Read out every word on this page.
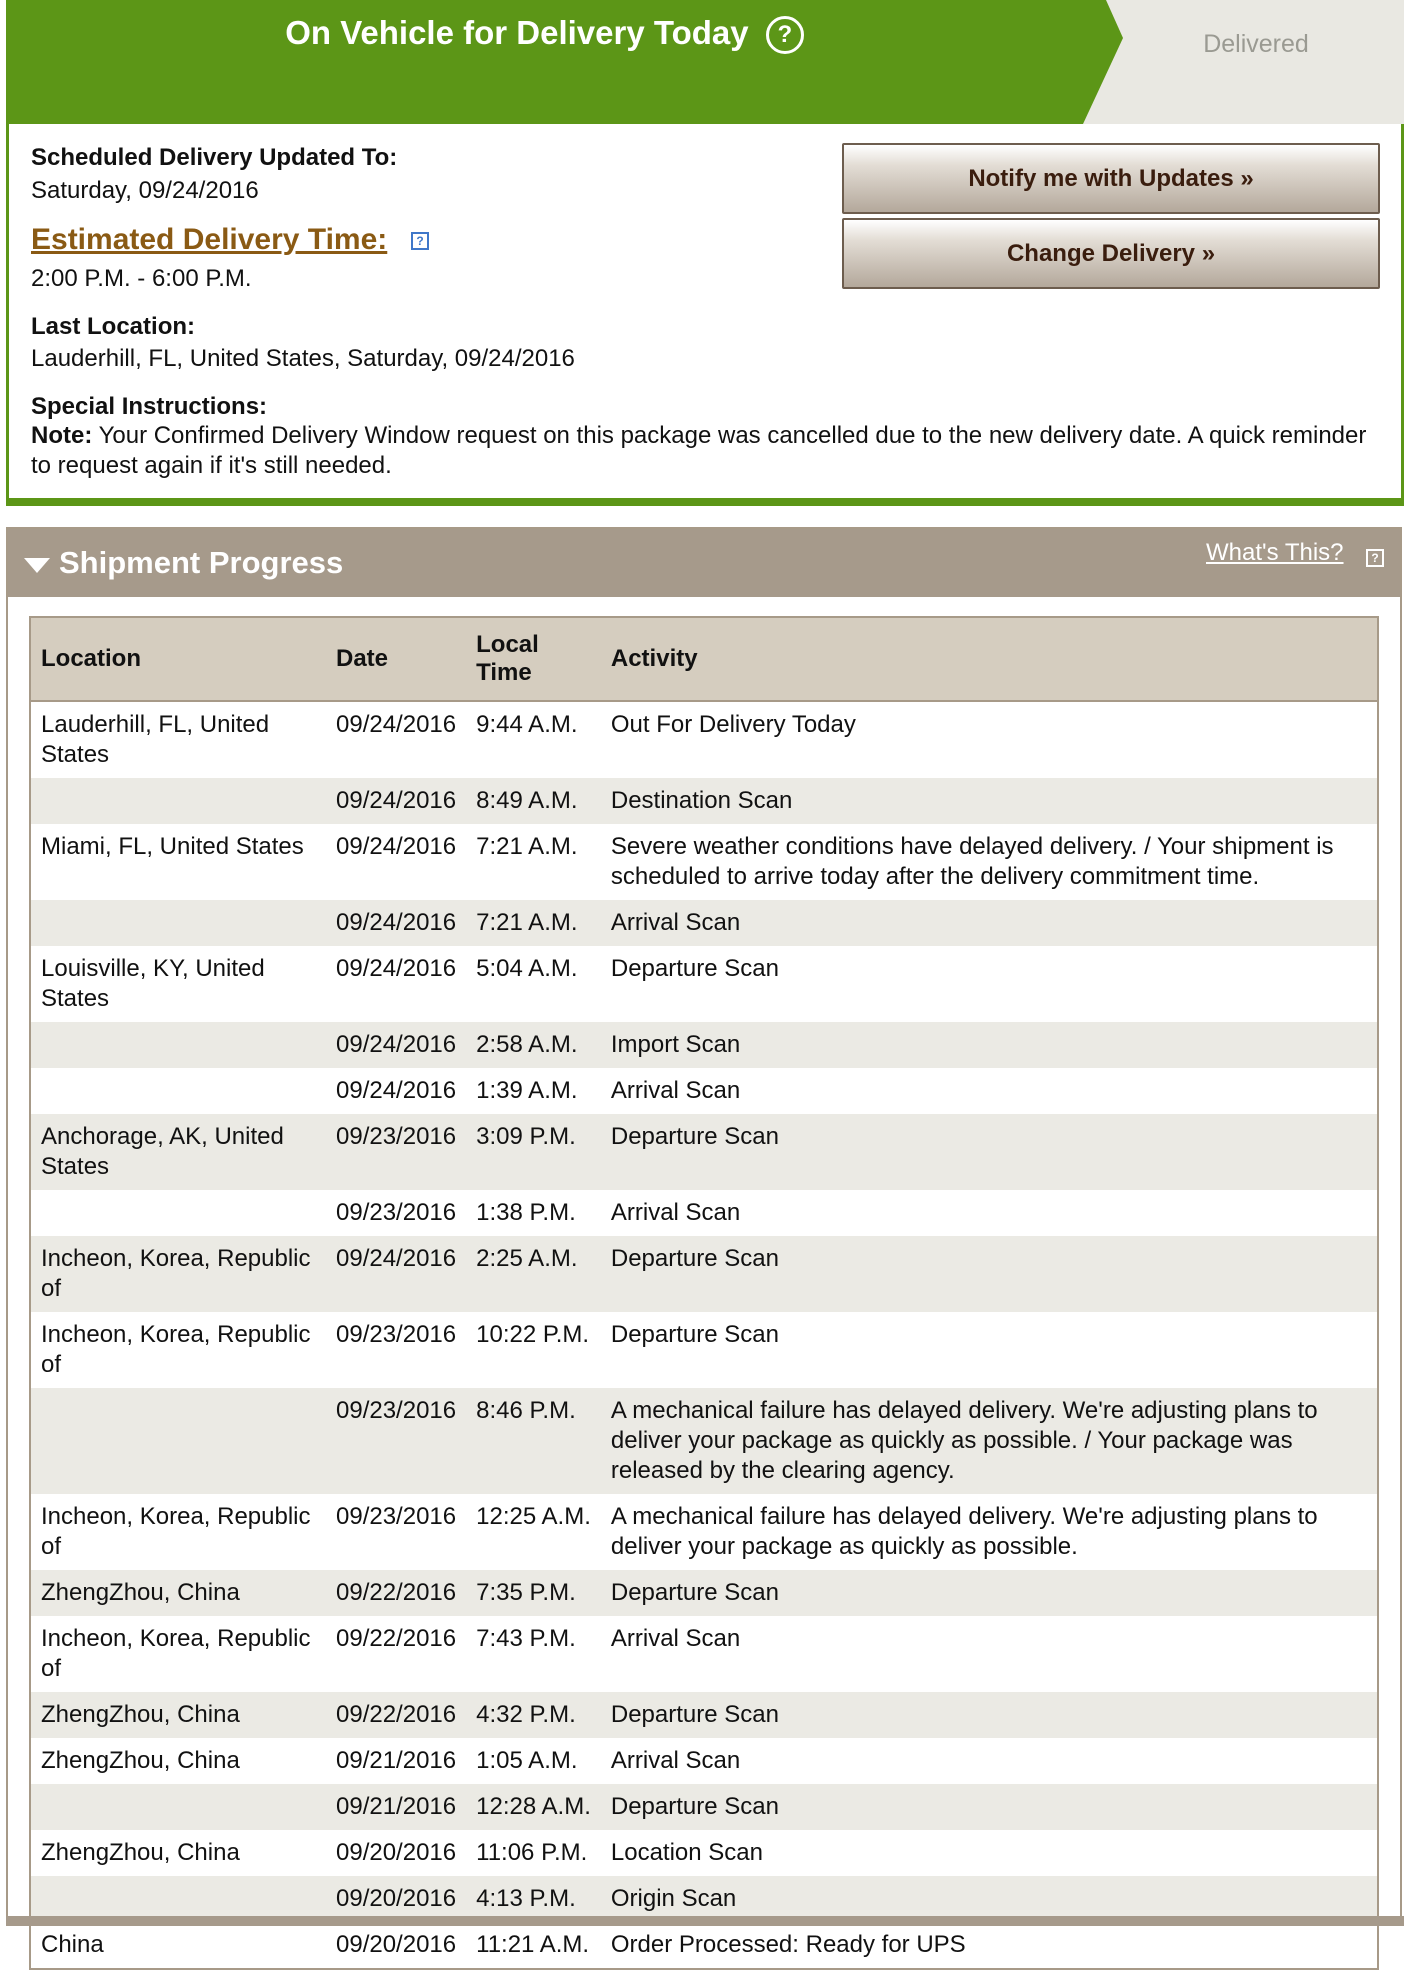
On Vehicle for Delivery Today ?	Delivered
Scheduled Delivery Updated To:
Saturday, 09/24/2016
Estimated Delivery Time:	?
2:00 P.M. - 6:00 P.M.
Last Location:
Lauderhill, FL, United States, Saturday, 09/24/2016
Special Instructions:
Note: Your Confirmed Delivery Window request on this package was cancelled due to the new delivery date. A quick reminder to request again if it's still needed.
Notify me with Updates »
Change Delivery »
Shipment Progress	What's This?	?
Location	Date	Local Time	Activity
Lauderhill, FL, United States	09/24/2016	9:44 A.M.	Out For Delivery Today
	09/24/2016	8:49 A.M.	Destination Scan
Miami, FL, United States	09/24/2016	7:21 A.M.	Severe weather conditions have delayed delivery. / Your shipment is scheduled to arrive today after the delivery commitment time.
	09/24/2016	7:21 A.M.	Arrival Scan
Louisville, KY, United States	09/24/2016	5:04 A.M.	Departure Scan
	09/24/2016	2:58 A.M.	Import Scan
	09/24/2016	1:39 A.M.	Arrival Scan
Anchorage, AK, United States	09/23/2016	3:09 P.M.	Departure Scan
	09/23/2016	1:38 P.M.	Arrival Scan
Incheon, Korea, Republic of	09/24/2016	2:25 A.M.	Departure Scan
Incheon, Korea, Republic of	09/23/2016	10:22 P.M.	Departure Scan
	09/23/2016	8:46 P.M.	A mechanical failure has delayed delivery. We're adjusting plans to deliver your package as quickly as possible. / Your package was released by the clearing agency.
Incheon, Korea, Republic of	09/23/2016	12:25 A.M.	A mechanical failure has delayed delivery. We're adjusting plans to deliver your package as quickly as possible.
ZhengZhou, China	09/22/2016	7:35 P.M.	Departure Scan
Incheon, Korea, Republic of	09/22/2016	7:43 P.M.	Arrival Scan
ZhengZhou, China	09/22/2016	4:32 P.M.	Departure Scan
ZhengZhou, China	09/21/2016	1:05 A.M.	Arrival Scan
	09/21/2016	12:28 A.M.	Departure Scan
ZhengZhou, China	09/20/2016	11:06 P.M.	Location Scan
	09/20/2016	4:13 P.M.	Origin Scan
China	09/20/2016	11:21 A.M.	Order Processed: Ready for UPS
